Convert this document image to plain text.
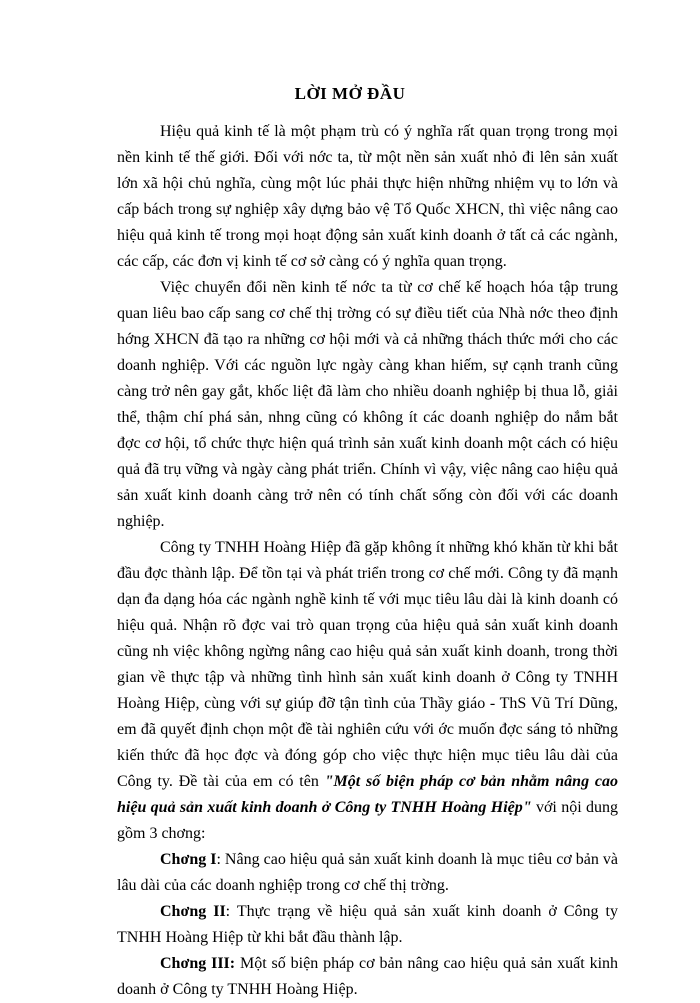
LỜI MỞ ĐẦU

Hiệu quả kinh tế là một phạm trù có ý nghĩa rất quan trọng trong mọi nền kinh tế thế giới. Đối với nớc ta, từ một nền sản xuất nhỏ đi lên sản xuất lớn xã hội chủ nghĩa, cùng một lúc phải thực hiện những nhiệm vụ to lớn và cấp bách trong sự nghiệp xây dựng bảo vệ Tổ Quốc XHCN, thì việc nâng cao hiệu quả kinh tế trong mọi hoạt động sản xuất kinh doanh ở tất cả các ngành, các cấp, các đơn vị kinh tế cơ sở càng có ý nghĩa quan trọng.

Việc chuyển đổi nền kinh tế nớc ta từ cơ chế kế hoạch hóa tập trung quan liêu bao cấp sang cơ chế thị trờng có sự điều tiết của Nhà nớc theo định hớng XHCN đã tạo ra những cơ hội mới và cả những thách thức mới cho các doanh nghiệp. Với các nguồn lực ngày càng khan hiếm, sự cạnh tranh cũng càng trở nên gay gắt, khốc liệt đã làm cho nhiều doanh nghiệp bị thua lỗ, giải thể, thậm chí phá sản, nhng cũng có không ít các doanh nghiệp do nắm bắt đợc cơ hội, tổ chức thực hiện quá trình sản xuất kinh doanh một cách có hiệu quả đã trụ vững và ngày càng phát triển. Chính vì vậy, việc nâng cao hiệu quả sản xuất kinh doanh càng trở nên có tính chất sống còn đối với các doanh nghiệp.

Công ty TNHH Hoàng Hiệp đã gặp không ít những khó khăn từ khi bắt đầu đợc thành lập. Để tồn tại và phát triển trong cơ chế mới. Công ty đã mạnh dạn đa dạng hóa các ngành nghề kinh tế với mục tiêu lâu dài là kinh doanh có hiệu quả. Nhận rõ đợc vai trò quan trọng của hiệu quả sản xuất kinh doanh cũng nh việc không ngừng nâng cao hiệu quả sản xuất kinh doanh, trong thời gian về thực tập và những tình hình sản xuất kinh doanh ở Công ty TNHH Hoàng Hiệp, cùng với sự giúp đỡ tận tình của Thầy giáo - ThS Vũ Trí Dũng, em đã quyết định chọn một đề tài nghiên cứu với ớc muốn đợc sáng tỏ những kiến thức đã học đợc và đóng góp cho việc thực hiện mục tiêu lâu dài của Công ty. Đề tài của em có tên "Một số biện pháp cơ bản nhằm nâng cao hiệu quả sản xuất kinh doanh ở Công ty TNHH Hoàng Hiệp" với nội dung gồm 3 chơng:

Chơng I: Nâng cao hiệu quả sản xuất kinh doanh là mục tiêu cơ bản và lâu dài của các doanh nghiệp trong cơ chế thị trờng.

Chơng II: Thực trạng về hiệu quả sản xuất kinh doanh ở Công ty TNHH Hoàng Hiệp từ khi bắt đầu thành lập.

Chơng III: Một số biện pháp cơ bản nâng cao hiệu quả sản xuất kinh doanh ở Công ty TNHH Hoàng Hiệp.
